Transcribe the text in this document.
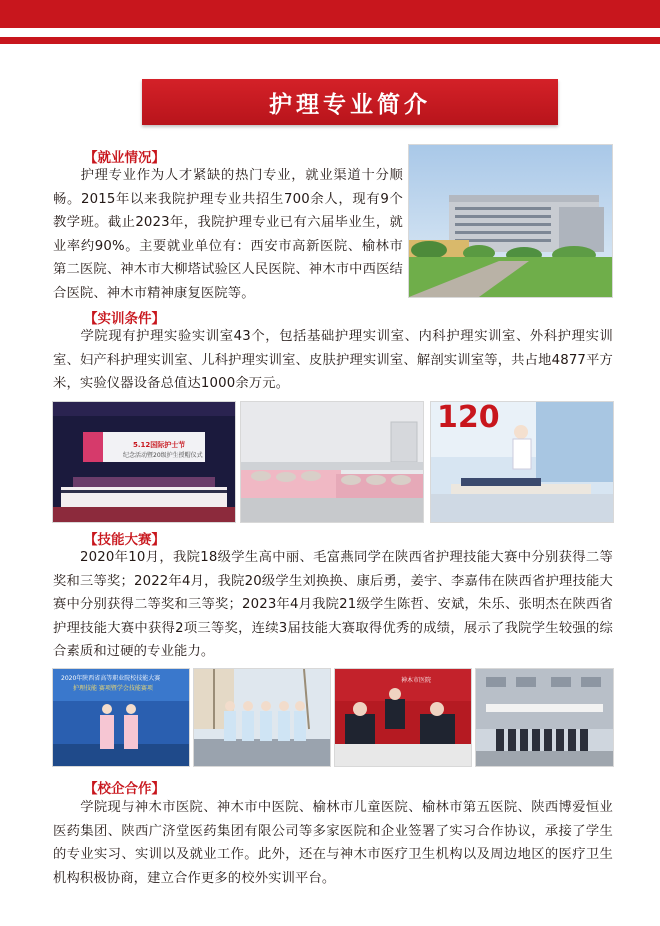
护理专业简介
【就业情况】

护理专业作为人才紧缺的热门专业，就业渠道十分顺畅。2015年以来我院护理专业共招生700余人，现有9个教学班。截止2023年，我院护理专业已有六届毕业生，就业率约90%。主要就业单位有：西安市高新医院、榆林市第二医院、神木市大柳塔试验区人民医院、神木市中西医结合医院、神木市精神康复医院等。

【实训条件】

学院现有护理实验实训室43个，包括基础护理实训室、内科护理实训室、外科护理实训室、妇产科护理实训室、儿科护理实训室、皮肤护理实训室、解剖实训室等，共占地4877平方米，实验仪器设备总值达1000余万元。

5.12国际护士节
纪念活动暨20级护生授帽仪式
120
【技能大赛】

2020年10月，我院18级学生高中丽、毛富燕同学在陕西省护理技能大赛中分别获得二等奖和三等奖；2022年4月，我院20级学生刘换换、康后勇，姜宇、李嘉伟在陕西省护理技能大赛中分别获得二等奖和三等奖；2023年4月我院21级学生陈哲、安斌，朱乐、张明杰在陕西省护理技能大赛中获得2项三等奖，连续3届技能大赛取得优秀的成绩，展示了我院学生较强的综合素质和过硬的专业能力。

2020年陕西省高等职业院校技能大赛
护理技能 赛项暨学会技能赛项
神木市医院
【校企合作】

学院现与神木市医院、神木市中医院、榆林市儿童医院、榆林市第五医院、陕西博爱恒业医药集团、陕西广济堂医药集团有限公司等多家医院和企业签署了实习合作协议，承接了学生的专业实习、实训以及就业工作。此外，还在与神木市医疗卫生机构以及周边地区的医疗卫生机构积极协商，建立合作更多的校外实训平台。
